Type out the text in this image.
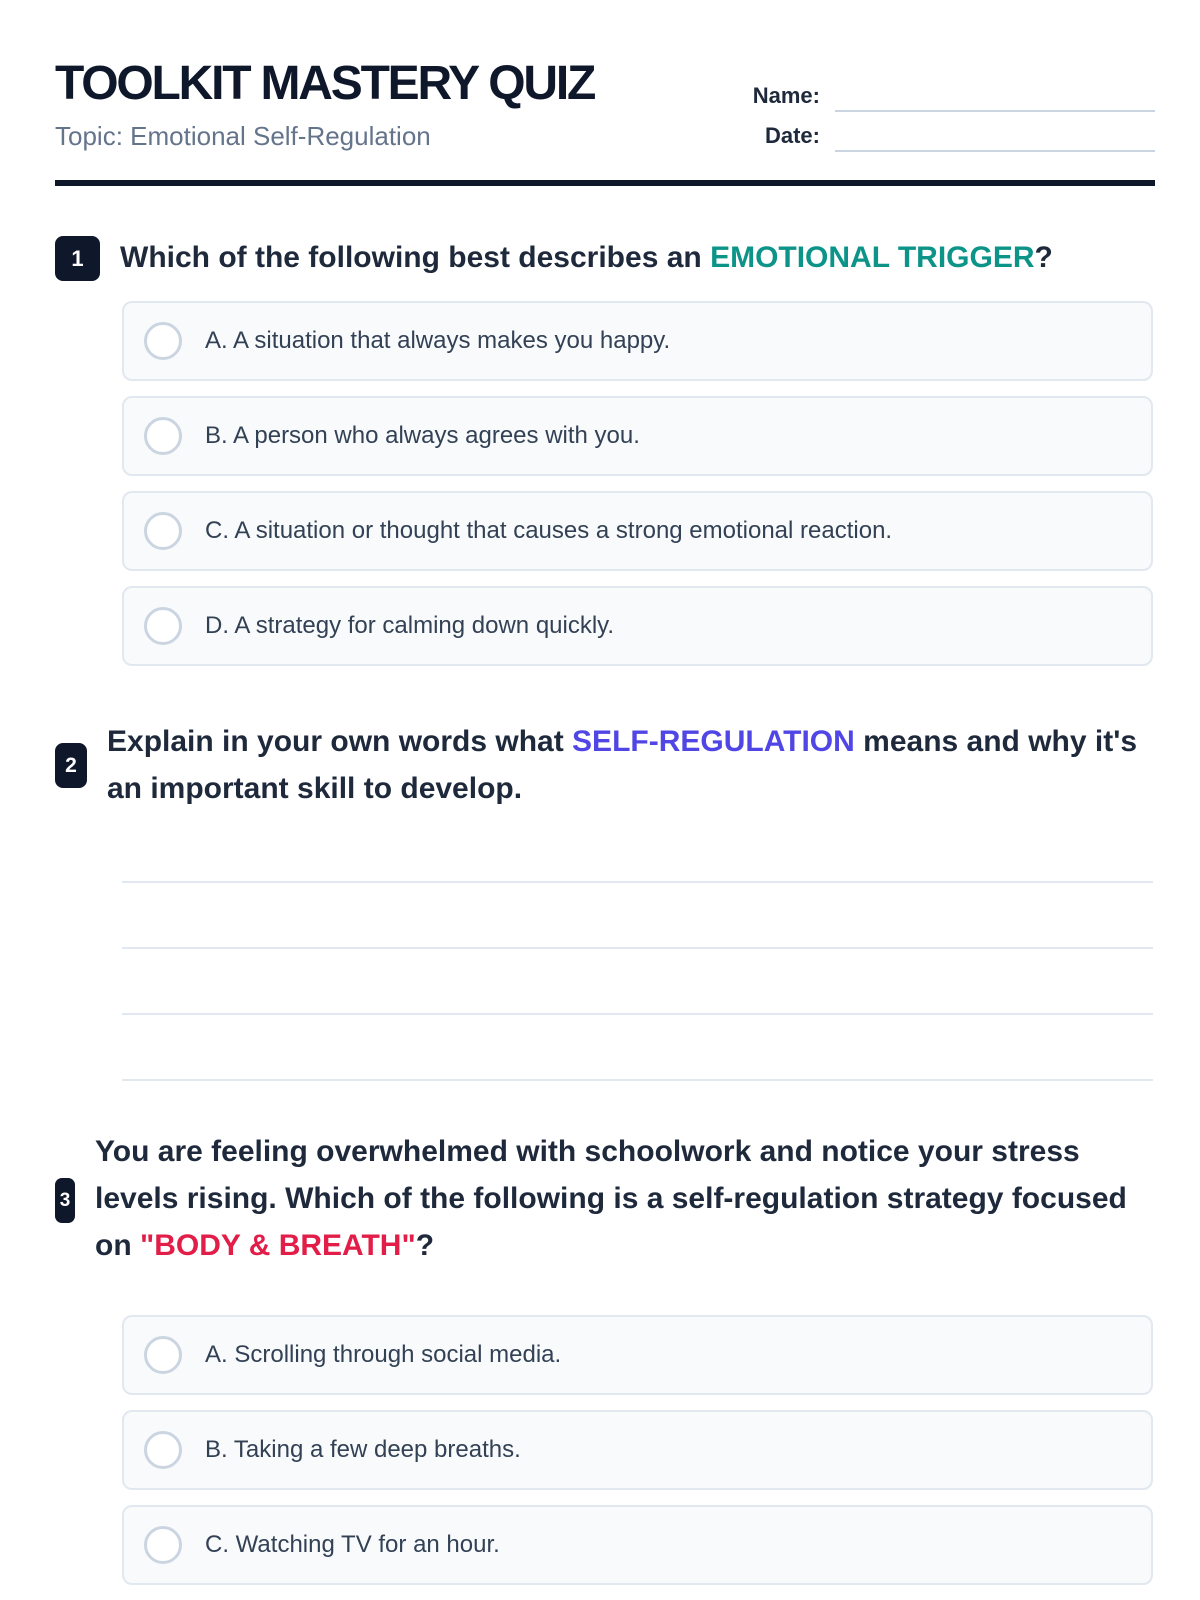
TOOLKIT MASTERY QUIZ
Topic: Emotional Self-Regulation
Name:
Date:
1	Which of the following best describes an EMOTIONAL TRIGGER?
A. A situation that always makes you happy.
B. A person who always agrees with you.
C. A situation or thought that causes a strong emotional reaction.
D. A strategy for calming down quickly.
2
Explain in your own words what SELF-REGULATION means and why it's an important skill to develop.
3
You are feeling overwhelmed with schoolwork and notice your stress levels rising. Which of the following is a self-regulation strategy focused on "BODY & BREATH"?
A. Scrolling through social media.
B. Taking a few deep breaths.
C. Watching TV for an hour.
